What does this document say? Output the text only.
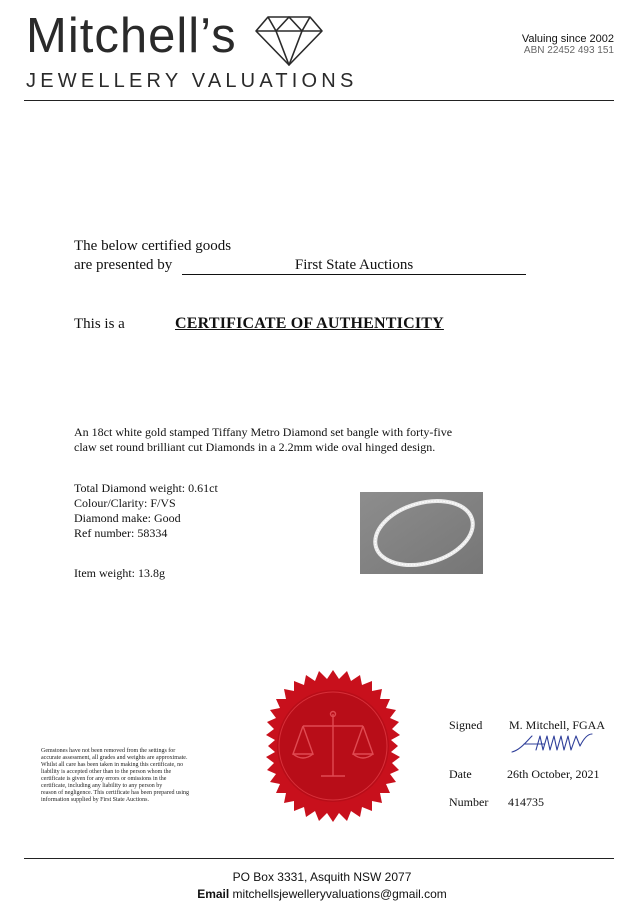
Mitchell’s
JEWELLERY VALUATIONS
Valuing since 2002
ABN 22452 493 151
The below certified goods
are presented by	First State Auctions
This is a	CERTIFICATE OF AUTHENTICITY
An 18ct white gold stamped Tiffany Metro Diamond set bangle with forty-five
claw set round brilliant cut Diamonds in a 2.2mm wide oval hinged design.
Total Diamond weight: 0.61ct
Colour/Clarity: F/VS
Diamond make: Good
Ref number: 58334
Item weight: 13.8g
Gemstones have not been removed from the settings for
accurate assessment, all grades and weights are approximate.
Whilst all care has been taken in making this certificate, no
liability is accepted other than to the person whom the
certificate is given for any errors or omissions in the
certificate, including any liability to any person by
reason of negligence. This certificate has been prepared using
information supplied by First State Auctions.
Signed M. Mitchell, FGAA
Date	26th October, 2021
Number 414735
PO Box 3331, Asquith NSW 2077
Email mitchellsjewelleryvaluations@gmail.com
